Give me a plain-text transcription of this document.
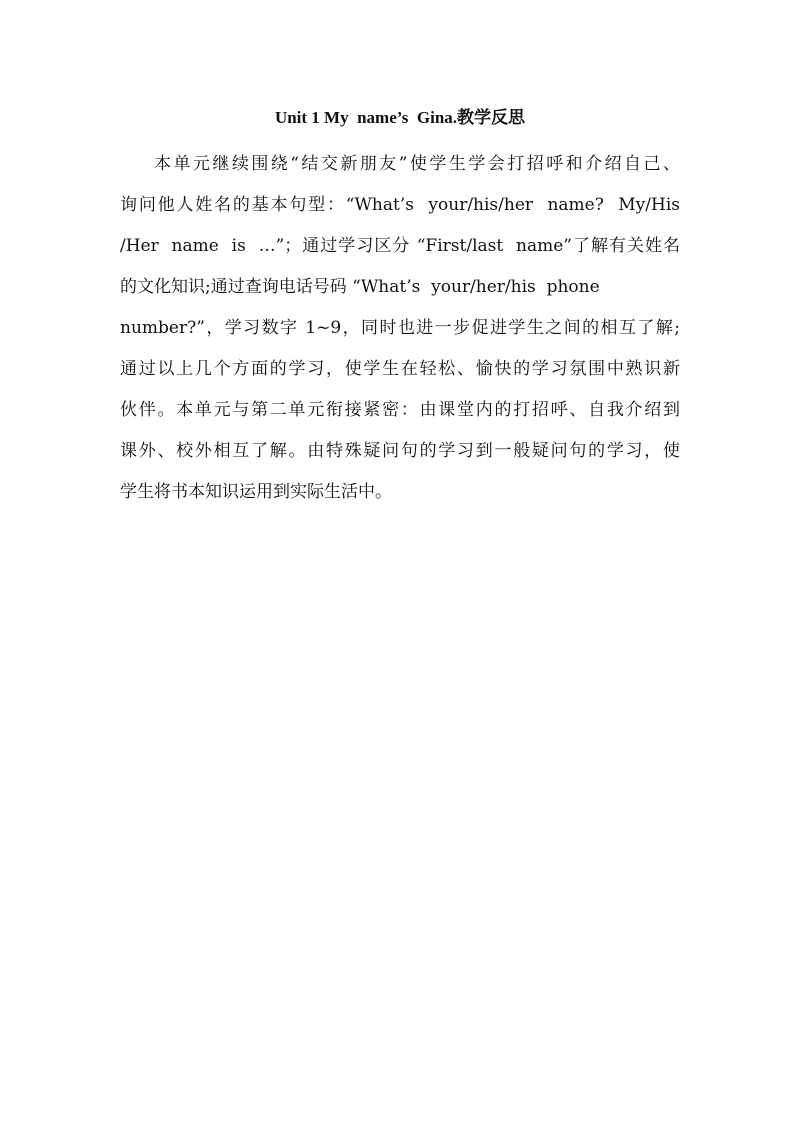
Unit 1 My  name’s  Gina.教学反思
本单元继续围绕“结交新朋友”使学生学会打招呼和介绍自己、
询问他人姓名的基本句型：“What’s  your/his/her  name?  My/His
/Her  name  is  …”；通过学习区分 “First/last  name”了解有关姓名
的文化知识;通过查询电话号码 “What’s  your/her/his  phone
number?”，学习数字 1~9，同时也进一步促进学生之间的相互了解;
通过以上几个方面的学习，使学生在轻松、愉快的学习氛围中熟识新
伙伴。本单元与第二单元衔接紧密：由课堂内的打招呼、自我介绍到
课外、校外相互了解。由特殊疑问句的学习到一般疑问句的学习，使
学生将书本知识运用到实际生活中。
